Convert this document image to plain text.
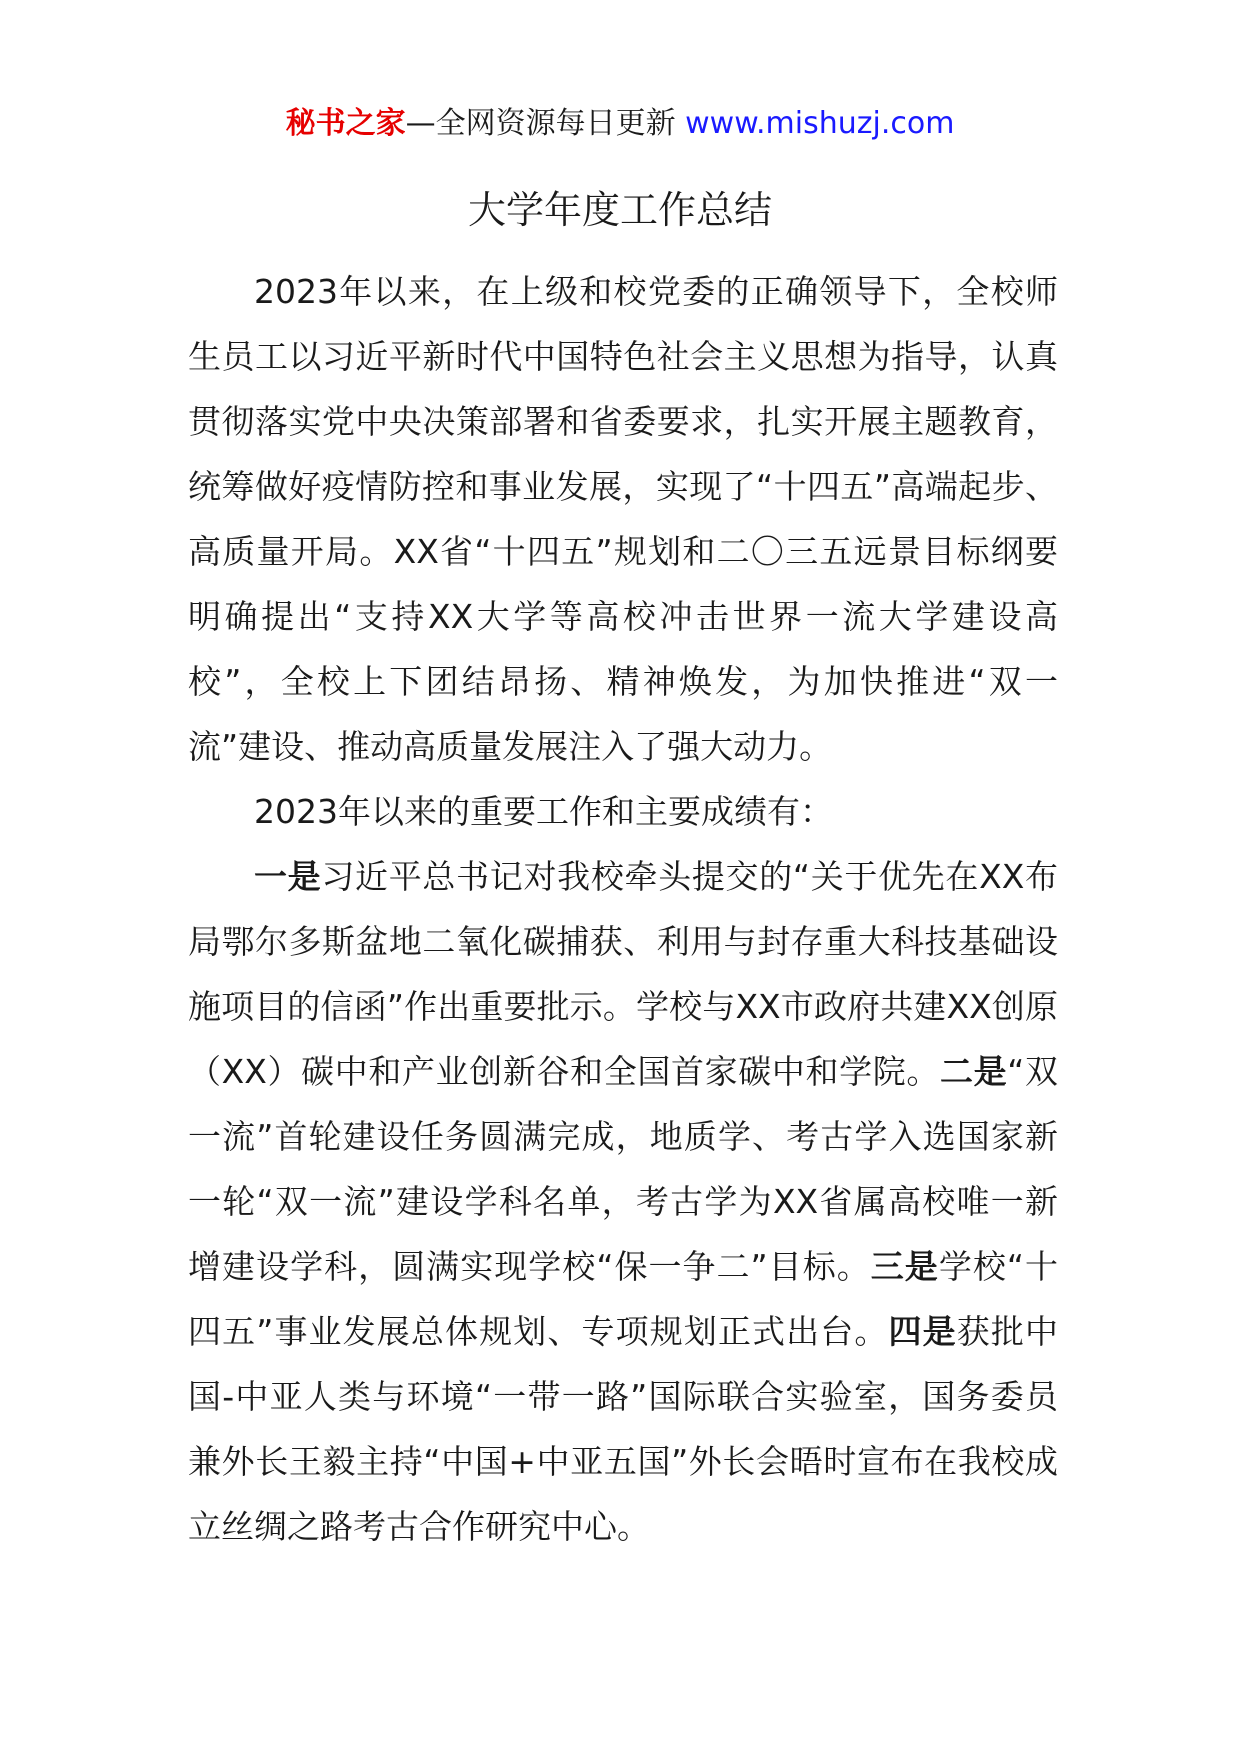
秘书之家—全网资源每日更新 www.mishuzj.com
大学年度工作总结

2023年以来，在上级和校党委的正确领导下，全校师生员工以习近平新时代中国特色社会主义思想为指导，认真贯彻落实党中央决策部署和省委要求，扎实开展主题教育，统筹做好疫情防控和事业发展，实现了“十四五”高端起步、高质量开局。XX省“十四五”规划和二〇三五远景目标纲要明确提出“支持XX大学等高校冲击世界一流大学建设高校”，全校上下团结昂扬、精神焕发，为加快推进“双一流”建设、推动高质量发展注入了强大动力。

2023年以来的重要工作和主要成绩有：

一是习近平总书记对我校牵头提交的“关于优先在XX布局鄂尔多斯盆地二氧化碳捕获、利用与封存重大科技基础设施项目的信函”作出重要批示。学校与XX市政府共建XX创原（XX）碳中和产业创新谷和全国首家碳中和学院。二是“双一流”首轮建设任务圆满完成，地质学、考古学入选国家新一轮“双一流”建设学科名单，考古学为XX省属高校唯一新增建设学科，圆满实现学校“保一争二”目标。三是学校“十四五”事业发展总体规划、专项规划正式出台。四是获批中国-中亚人类与环境“一带一路”国际联合实验室，国务委员兼外长王毅主持“中国+中亚五国”外长会晤时宣布在我校成立丝绸之路考古合作研究中心。
